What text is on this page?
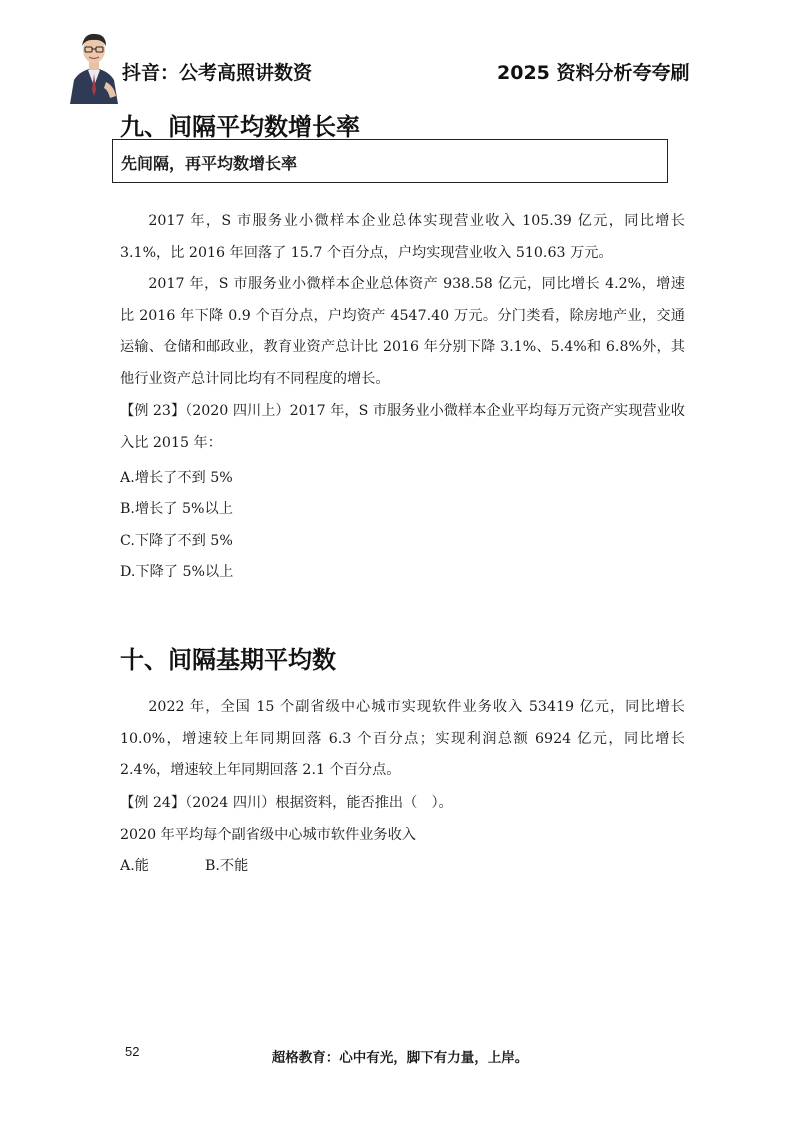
抖音：公考高照讲数资	2025 资料分析夸夸刷
九、间隔平均数增长率
先间隔，再平均数增长率
2017 年，S 市服务业小微样本企业总体实现营业收入 105.39 亿元，同比增长 3.1%，比 2016 年回落了 15.7 个百分点，户均实现营业收入 510.63 万元。
2017 年，S 市服务业小微样本企业总体资产 938.58 亿元，同比增长 4.2%，增速比 2016 年下降 0.9 个百分点，户均资产 4547.40 万元。分门类看，除房地产业，交通运输、仓储和邮政业，教育业资产总计比 2016 年分别下降 3.1%、5.4%和 6.8%外，其他行业资产总计同比均有不同程度的增长。
【例 23】（2020 四川上）2017 年，S 市服务业小微样本企业平均每万元资产实现营业收入比 2015 年：
A.增长了不到 5%
B.增长了 5%以上
C.下降了不到 5%
D.下降了 5%以上
十、间隔基期平均数
2022 年，全国 15 个副省级中心城市实现软件业务收入 53419 亿元，同比增长 10.0%，增速较上年同期回落 6.3 个百分点；实现利润总额 6924 亿元，同比增长 2.4%，增速较上年同期回落 2.1 个百分点。
【例 24】（2024 四川）根据资料，能否推出（　）。
2020 年平均每个副省级中心城市软件业务收入
A.能	B.不能
52	超格教育：心中有光，脚下有力量，上岸。
